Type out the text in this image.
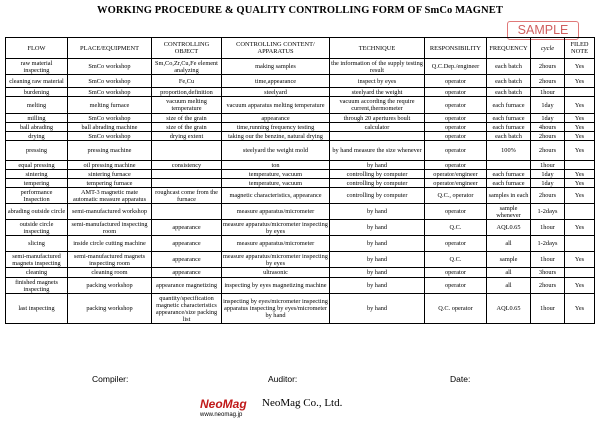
WORKING PROCEDURE & QUALITY CONTROLLING FORM OF SmCo MAGNET
SAMPLE
FLOW	PLACE/EQUIPMENT	CONTROLLING OBJECT	CONTROLLING CONTENT/ APPARATUS	TECHNIQUE	RESPONSIBILITY	FREQUENCY	cycle	FILED NOTE
raw material inspecting	SmCo workshop	Sm,Co,Zr,Cu,Fe element analyzing	making samples	the information of the supply testing result	Q.C.Dep./engineer	each batch	2hours	Yes
cleaning raw material	SmCo workshop	Fe,Cu	time,appearance	inspect by eyes	operator	each batch	2hours	Yes
burdening	SmCo workshop	proportion,definition	steelyard	steelyard the weight	operator	each batch	1hour	
melting	melting furnace	vacuum melting temperature	vacuum apparatus melting temperature	vacuum according the require current,thermometer	operator	each furnace	1day	Yes
milling	SmCo workshop	size of the grain	appearance	through 20 apertures boult	operator	each furnace	1day	Yes
ball abrading	ball abrading machine	size of the grain	time,running frequency testing	calculator	operator	each furnace	4hours	Yes
drying	SmCo workshop	drying extent	taking our the benzine, natural drying		operator	each batch	2hours	Yes
pressing	pressing machine		steelyard the weight mold	by hand measure the size whenever	operator	100%	2hours	Yes
equal pressing	oil pressing machine	consistency	ton	by hand	operator		1hour	
sintering	sintering furnace		temperature, vacuum	controlling by computer	operator/engineer	each furnace	1day	Yes
tempering	tempering furnace		temperature, vacuum	controlling by computer	operator/engineer	each furnace	1day	Yes
performance Inspection	AMT-3 magnetic mate automatic measure apparatus	roughcast come from the furnace	magnetic characteristics, appearance	controlling by computer	Q.C., operator	samples in each	2hours	Yes
abrading outside circle	semi-manufactured workshop		measure apparatus/micrometer	by hand	operator	sample whenever	1-2days	
outside circle inspecting	semi-manufactured inspecting room	appearance	measure apparatus/micrometer inspecting by eyes	by hand	Q.C.	AQL0.65	1hour	Yes
slicing	inside circle cutting machine	appearance	measure apparatus/micrometer	by hand	operator	all	1-2days	
semi-manufactured magnets inspecting	semi-manufactured magnets inspecting room	appearance	measure apparatus/micrometer inspecting by eyes	by hand	Q.C.	sample	1hour	Yes
cleaning	cleaning room	appearance	ultrasonic	by hand	operator	all	3hours	
finished magnets inspecting	packing workshop	appearance magnetizing	inspecting by eyes magnetizing machine	by hand	operator	all	2hours	Yes
last inspecting	packing workshop	quantity/specification magnetic characteristics appearance/size packing list	inspecting by eyes/micrometer inspecting apparatus inspecting by eyes/micrometer by hand	by hand	Q.C. operator	AQL0.65	1hour	Yes
Compiler:	Auditor:	Date:
NeoMag NeoMag Co., Ltd.
www.neomag.jp
